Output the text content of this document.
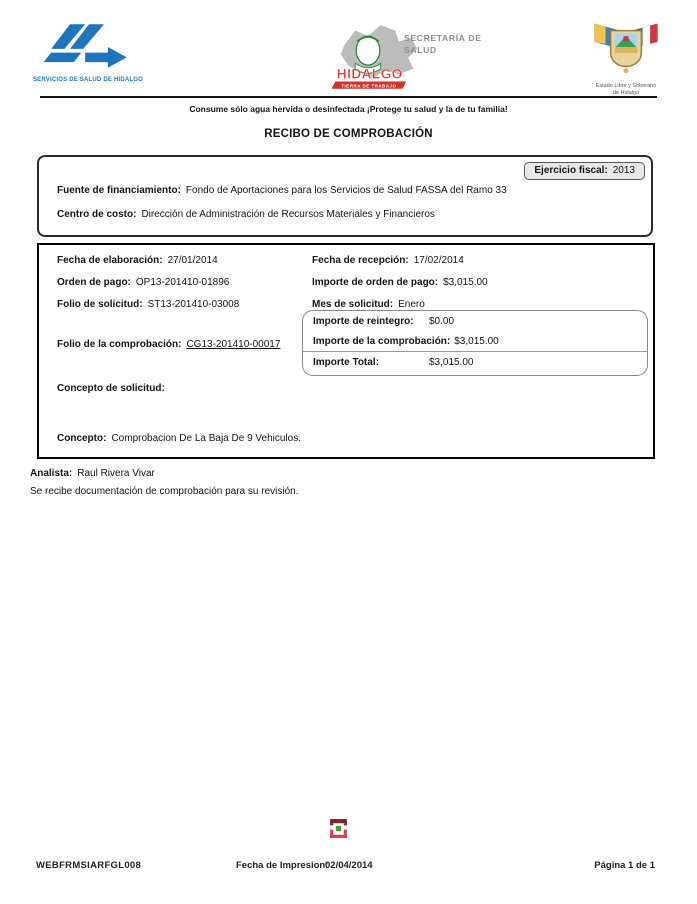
SERVICIOS DE SALUD DE HIDALGO	HIDALGO
TIERRA DE TRABAJO
SECRETARÍA DE
SALUD
Estado Libre y Soberano
de Hidalgo
Consume sólo agua hervida o desinfectada ¡Protege tu salud y la de tu familia!
RECIBO DE COMPROBACIÓN
Ejercicio fiscal: 2013
Fuente de financiamiento: Fondo de Aportaciones para los Servicios de Salud FASSA del Ramo 33
Centro de costo: Dirección de Administración de Recursos Materiales y Financieros
Fecha de elaboración: 27/01/2014
Orden de pago: OP13-201410-01896
Folio de solicitud: ST13-201410-03008
Fecha de recepción: 17/02/2014
Importe de orden de pago: $3,015.00
Mes de solicitud: Enero
Folio de la comprobación: CG13-201410-00017
Importe de reintegro:	$0.00
Importe de la comprobación: $3,015.00
Importe Total:	$3,015.00
Concepto de solicitud:
Concepto: Comprobacion De La Baja De 9 Vehiculos.
Analista: Raul Rivera Vivar
Se recibe documentación de comprobación para su revisión.
WEBFRMSIARFGL008	Fecha de Impresion:
02/04/2014	Página 1 de 1
